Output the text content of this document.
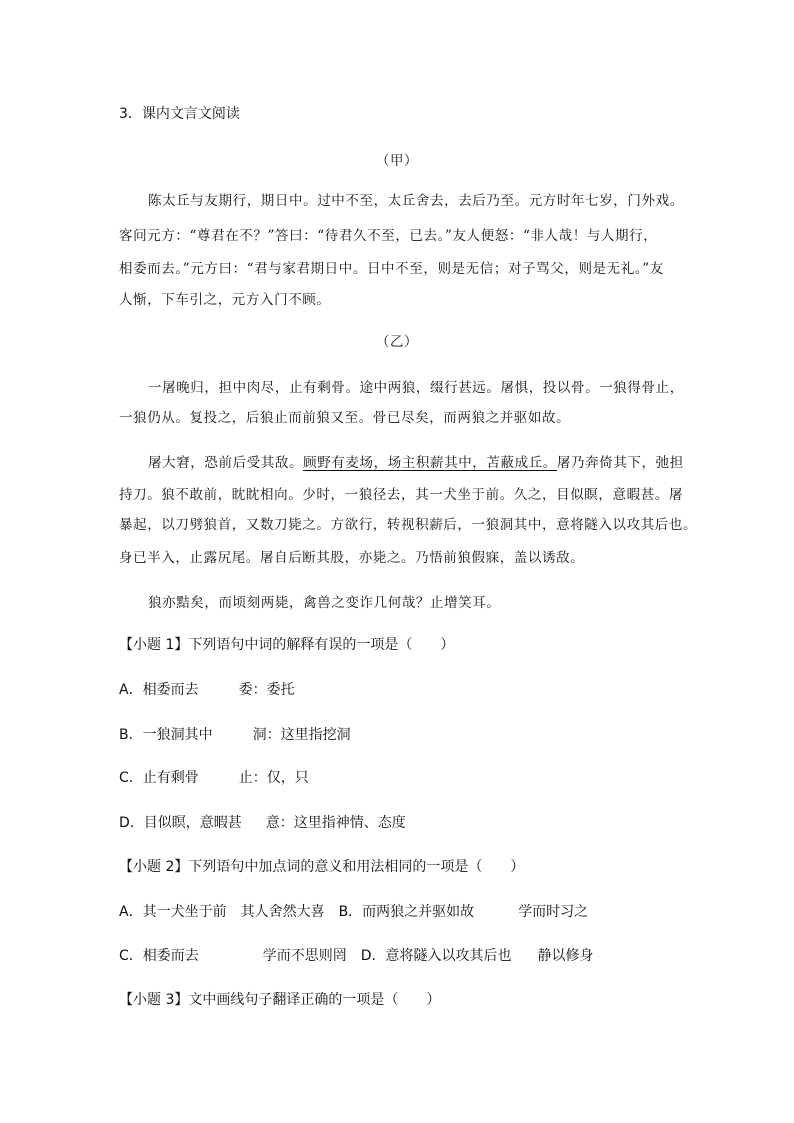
3．课内文言文阅读
（甲）
陈太丘与友期行，期日中。过中不至，太丘舍去，去后乃至。元方时年七岁，门外戏。
客问元方：“尊君在不？”答曰：“待君久不至，已去。”友人便怒：“非人哉！与人期行，
相委而去。”元方曰：“君与家君期日中。日中不至，则是无信；对子骂父，则是无礼。”友
人惭，下车引之，元方入门不顾。
（乙）
一屠晚归，担中肉尽，止有剩骨。途中两狼，缀行甚远。屠惧，投以骨。一狼得骨止，
一狼仍从。复投之，后狼止而前狼又至。骨已尽矣，而两狼之并驱如故。
屠大窘，恐前后受其敌。顾野有麦场，场主积薪其中，苫蔽成丘。屠乃奔倚其下，弛担
持刀。狼不敢前，眈眈相向。少时，一狼径去，其一犬坐于前。久之，目似瞑，意暇甚。屠
暴起，以刀劈狼首，又数刀毙之。方欲行，转视积薪后，一狼洞其中，意将隧入以攻其后也。
身已半入，止露尻尾。屠自后断其股，亦毙之。乃悟前狼假寐，盖以诱敌。
狼亦黠矣，而顷刻两毙，禽兽之变诈几何哉？止增笑耳。
【小题 1】下列语句中词的解释有误的一项是（　　）
A．相委而去	委：委托
B．一狼洞其中	洞：这里指挖洞
C．止有剩骨	止：仅，只
D．目似瞑，意暇甚 意：这里指神情、态度
【小题 2】下列语句中加点词的意义和用法相同的一项是（　　）
A．其一犬坐于前 其人舍然大喜 B．而两狼之并驱如故	学而时习之
C．相委而去	学而不思则罔 D．意将隧入以攻其后也 静以修身
【小题 3】文中画线句子翻译正确的一项是（　　）
